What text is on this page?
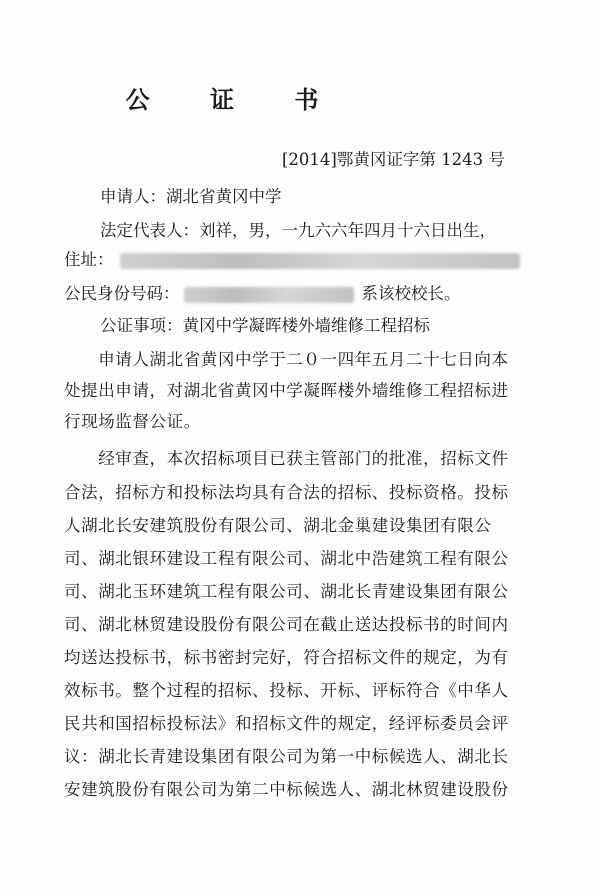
公 证 书
[2014]鄂黄冈证字第 1243 号
申请人：湖北省黄冈中学
法定代表人：刘祥，男，一九六六年四月十六日出生，
住址：
公民身份号码：	系该校校长。
公证事项：黄冈中学凝晖楼外墙维修工程招标
　　申请人湖北省黄冈中学于二０一四年五月二十七日向本
处提出申请，对湖北省黄冈中学凝晖楼外墙维修工程招标进
行现场监督公证。
　　经审查，本次招标项目已获主管部门的批准，招标文件
合法，招标方和投标法均具有合法的招标、投标资格。投标
人湖北长安建筑股份有限公司、湖北金巢建设集团有限公
司、湖北银环建设工程有限公司、湖北中浩建筑工程有限公
司、湖北玉环建筑工程有限公司、湖北长青建设集团有限公
司、湖北林贸建设股份有限公司在截止送达投标书的时间内
均送达投标书，标书密封完好，符合招标文件的规定，为有
效标书。整个过程的招标、投标、开标、评标符合《中华人
民共和国招标投标法》和招标文件的规定，经评标委员会评
议：湖北长青建设集团有限公司为第一中标候选人、湖北长
安建筑股份有限公司为第二中标候选人、湖北林贸建设股份
